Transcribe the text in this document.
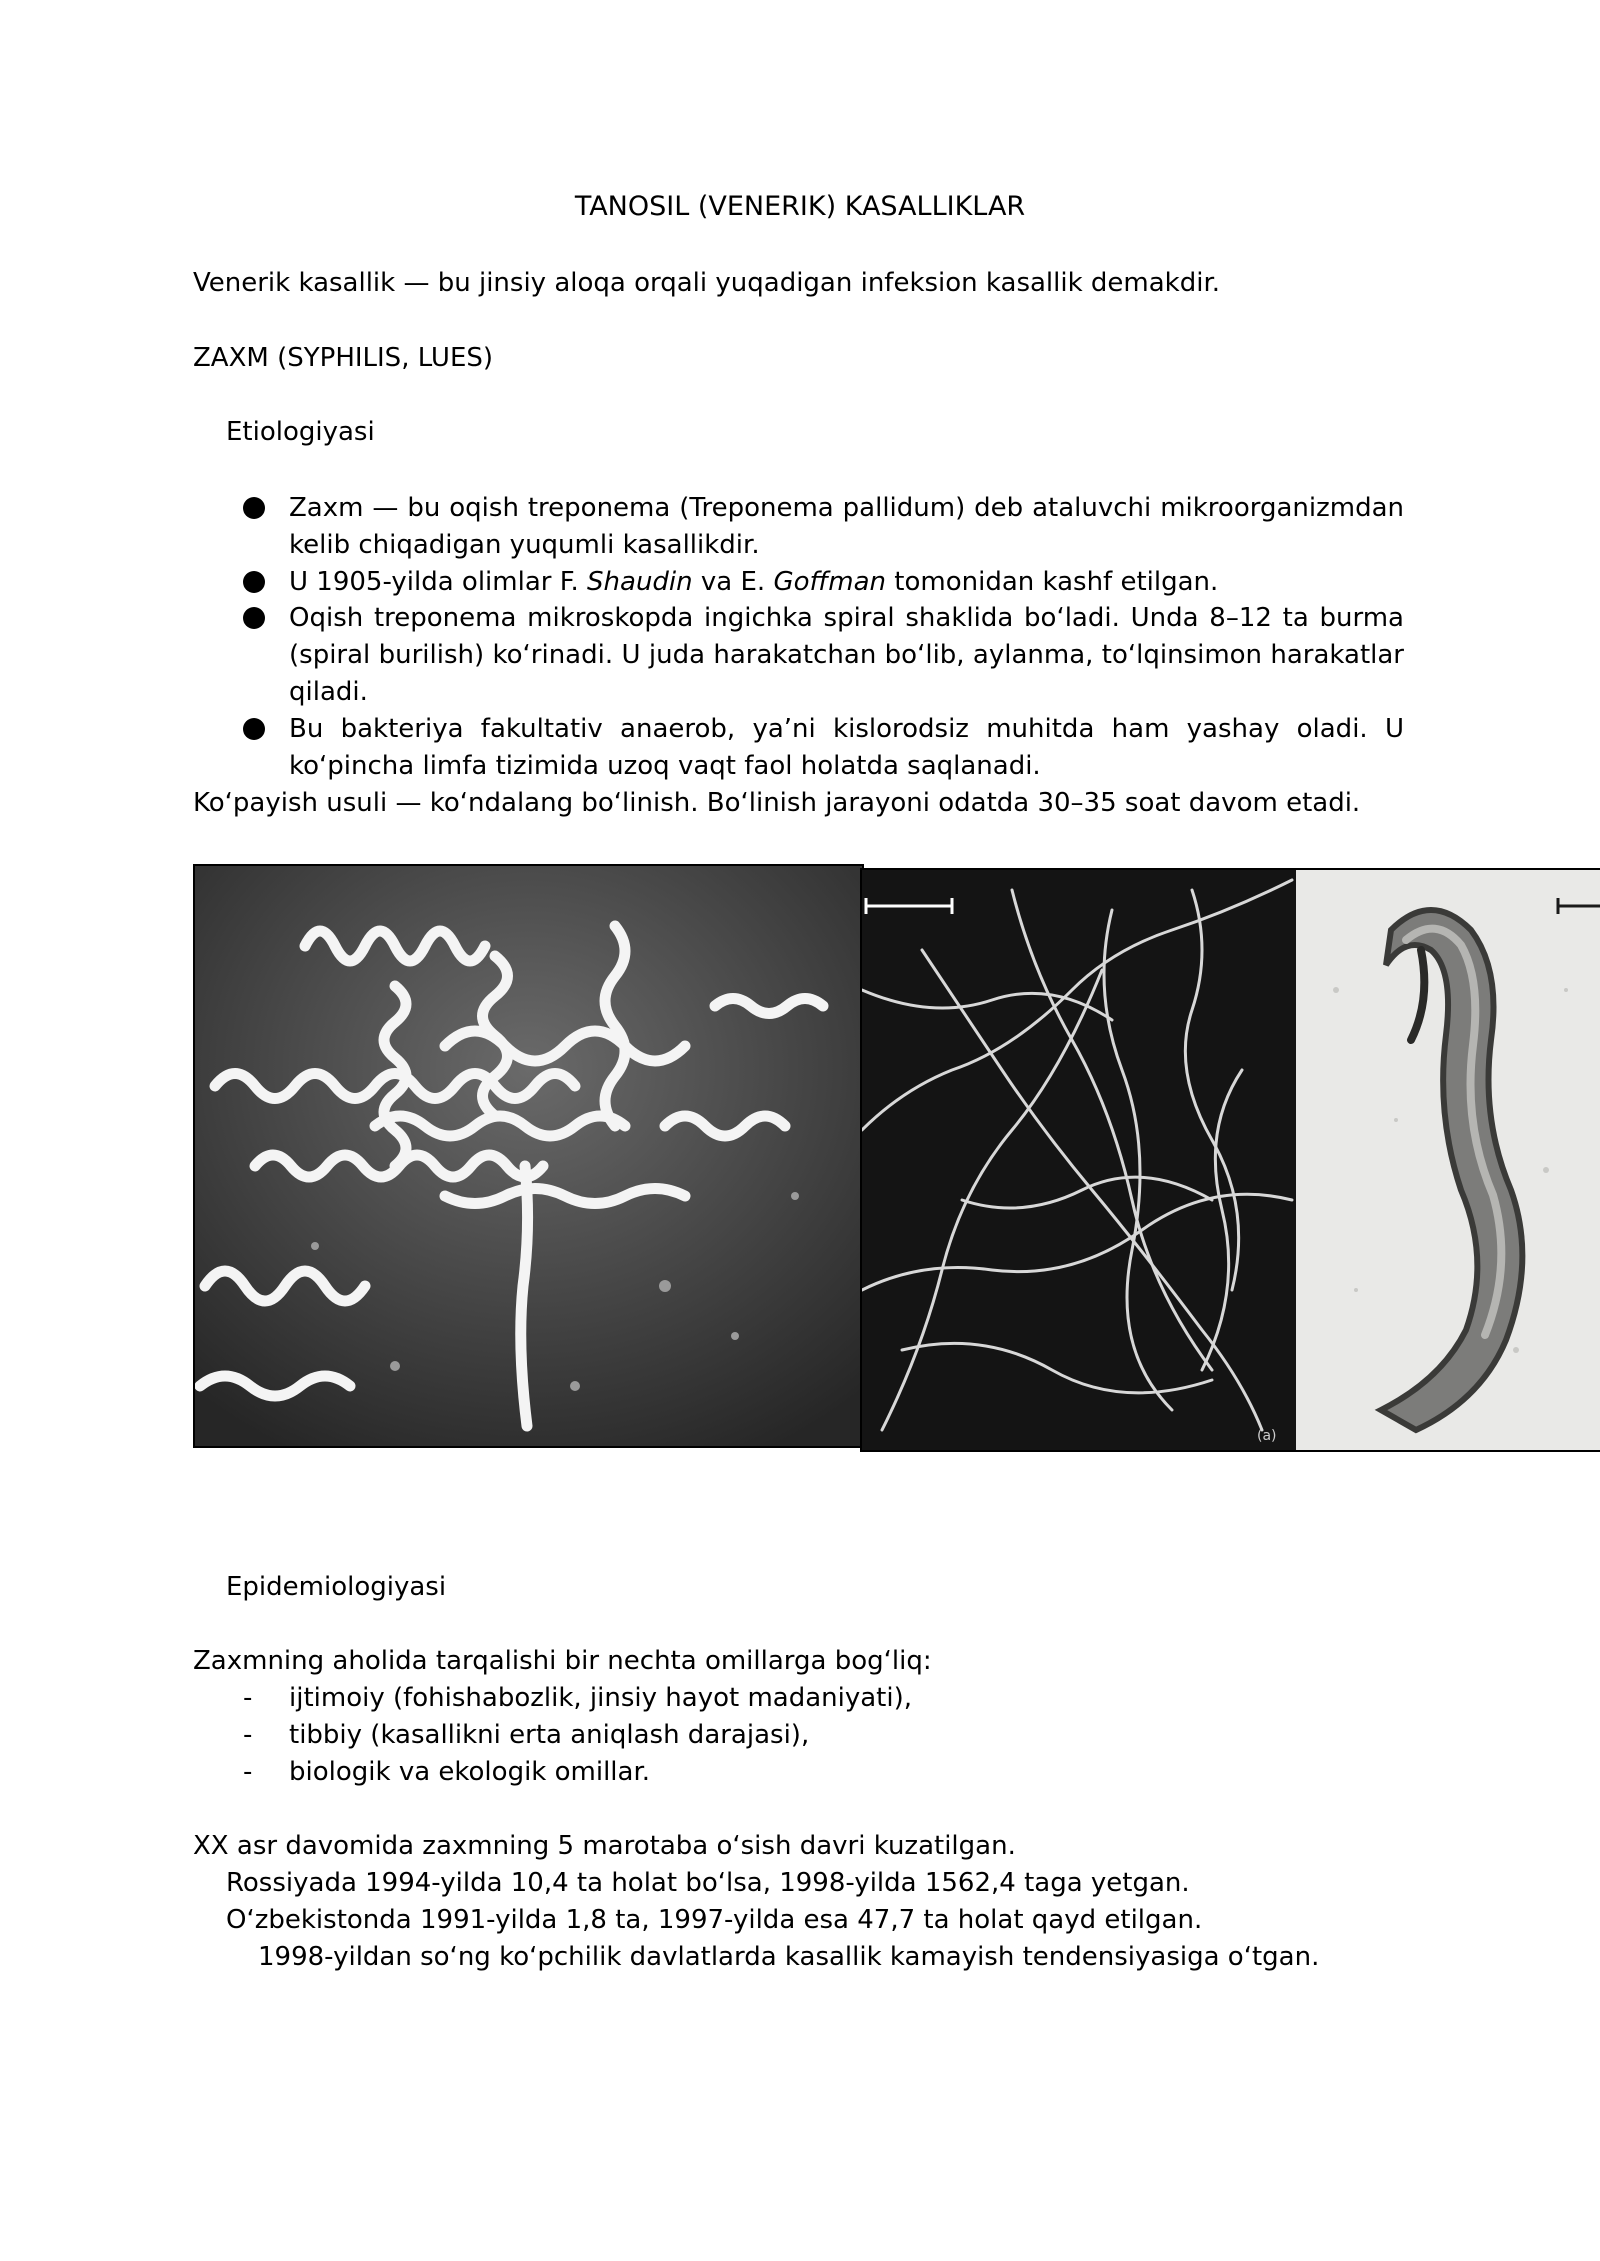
TANOSIL (VENERIK) KASALLIKLAR
Venerik kasallik — bu jinsiy aloqa orqali yuqadigan infeksion kasallik demakdir.
ZAXM (SYPHILIS, LUES)
Etiologiyasi
Zaxm — bu oqish treponema (Treponema pallidum) deb ataluvchi mikroorganizmdan
kelib chiqadigan yuqumli kasallikdir.
U 1905-yilda olimlar F. Shaudin va E. Goffman tomonidan kashf etilgan.
Oqish treponema mikroskopda ingichka spiral shaklida bo‘ladi. Unda 8–12 ta burma
(spiral burilish) ko‘rinadi. U juda harakatchan bo‘lib, aylanma, to‘lqinsimon harakatlar
qiladi.
Bu bakteriya fakultativ anaerob, ya’ni kislorodsiz muhitda ham yashay oladi. U
ko‘pincha limfa tizimida uzoq vaqt faol holatda saqlanadi.
Ko‘payish usuli — ko‘ndalang bo‘linish. Bo‘linish jarayoni odatda 30–35 soat davom etadi.
(a)
Epidemiologiyasi
Zaxmning aholida tarqalishi bir nechta omillarga bog‘liq:
- ijtimoiy (fohishabozlik, jinsiy hayot madaniyati),
- tibbiy (kasallikni erta aniqlash darajasi),
- biologik va ekologik omillar.
XX asr davomida zaxmning 5 marotaba o‘sish davri kuzatilgan.
Rossiyada 1994-yilda 10,4 ta holat bo‘lsa, 1998-yilda 1562,4 taga yetgan.
O‘zbekistonda 1991-yilda 1,8 ta, 1997-yilda esa 47,7 ta holat qayd etilgan.
1998-yildan so‘ng ko‘pchilik davlatlarda kasallik kamayish tendensiyasiga o‘tgan.
